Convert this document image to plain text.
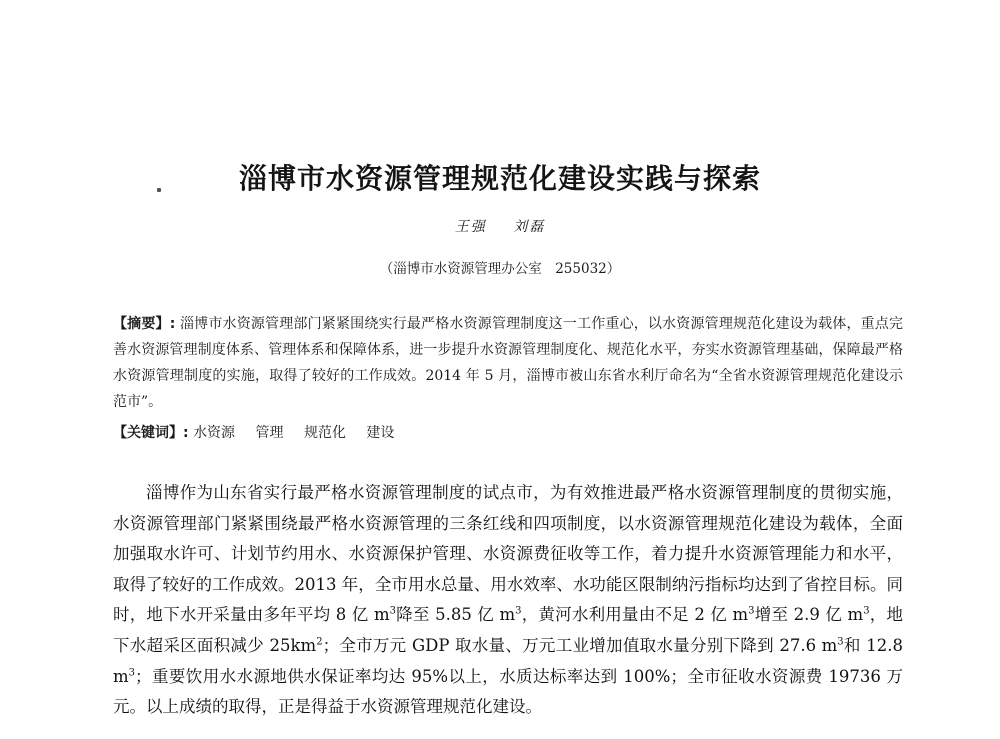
淄博市水资源管理规范化建设实践与探索
王强 刘磊
（淄博市水资源管理办公室　255032）
【摘要】: 淄博市水资源管理部门紧紧围绕实行最严格水资源管理制度这一工作重心，以水资源管理规范化建设为载体，重点完善水资源管理制度体系、管理体系和保障体系，进一步提升水资源管理制度化、规范化水平，夯实水资源管理基础，保障最严格水资源管理制度的实施，取得了较好的工作成效。2014 年 5 月，淄博市被山东省水利厅命名为“全省水资源管理规范化建设示范市”。
【关键词】: 水资源 管理 规范化 建设

淄博作为山东省实行最严格水资源管理制度的试点市，为有效推进最严格水资源管理制度的贯彻实施，水资源管理部门紧紧围绕最严格水资源管理的三条红线和四项制度，以水资源管理规范化建设为载体，全面加强取水许可、计划节约用水、水资源保护管理、水资源费征收等工作，着力提升水资源管理能力和水平，取得了较好的工作成效。2013 年，全市用水总量、用水效率、水功能区限制纳污指标均达到了省控目标。同时，地下水开采量由多年平均 8 亿 $m^3$降至 5.85 亿 $m^3$，黄河水利用量由不足 2 亿 $m^3$增至 2.9 亿 $m^3$，地下水超采区面积减少 $25km^2$；全市万元 GDP 取水量、万元工业增加值取水量分别下降到 27.6 $m^3$和 12.8 $m^3$；重要饮用水水源地供水保证率均达 95%以上，水质达标率达到 100%；全市征收水资源费 19736 万元。以上成绩的取得，正是得益于水资源管理规范化建设。
